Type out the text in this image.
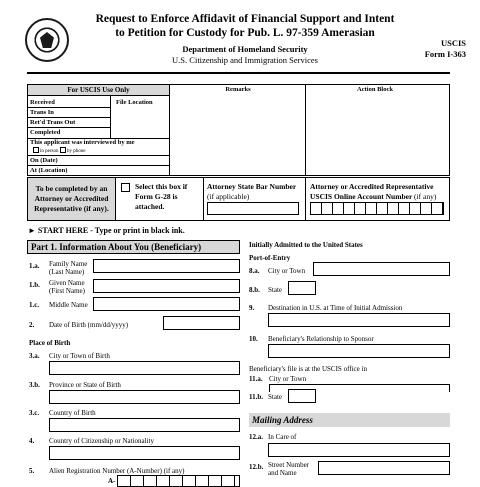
Request to Enforce Affidavit of Financial Support and Intent
to Petition for Custody for Pub. L. 97-359 Amerasian
Department of Homeland Security
U.S. Citizenship and Immigration Services
USCIS
Form I-363
For USCIS Use Only	Remarks	Action Block
Received	File Location
Trans In
Ret'd Trans Out
Completed
This applicant was interviewed by me
in person by phone
On (Date)
At (Location)
To be completed by an Attorney or Accredited Representative (if any).
Select this box if Form G-28 is attached.
Attorney State Bar Number
(if applicable)
Attorney or Accredited Representative USCIS Online Account Number (if any)
► START HERE - Type or print in black ink.
Part 1. Information About You (Beneficiary)
1.a. Family Name (Last Name)
1.b. Given Name (First Name)
1.c. Middle Name
2. Date of Birth (mm/dd/yyyy)
Place of Birth
3.a. City or Town of Birth
3.b. Province or State of Birth
3.c. Country of Birth
4. Country of Citizenship or Nationality
5. Alien Registration Number (A-Number) (if any)
A-
Initially Admitted to the United States
Port-of-Entry
8.a. City or Town
8.b. State
9. Destination in U.S. at Time of Initial Admission
10. Beneficiary's Relationship to Sponsor
Beneficiary's file is at the USCIS office in
11.a. City or Town
11.b. State
Mailing Address
12.a. In Care of
12.b. Street Number and Name
